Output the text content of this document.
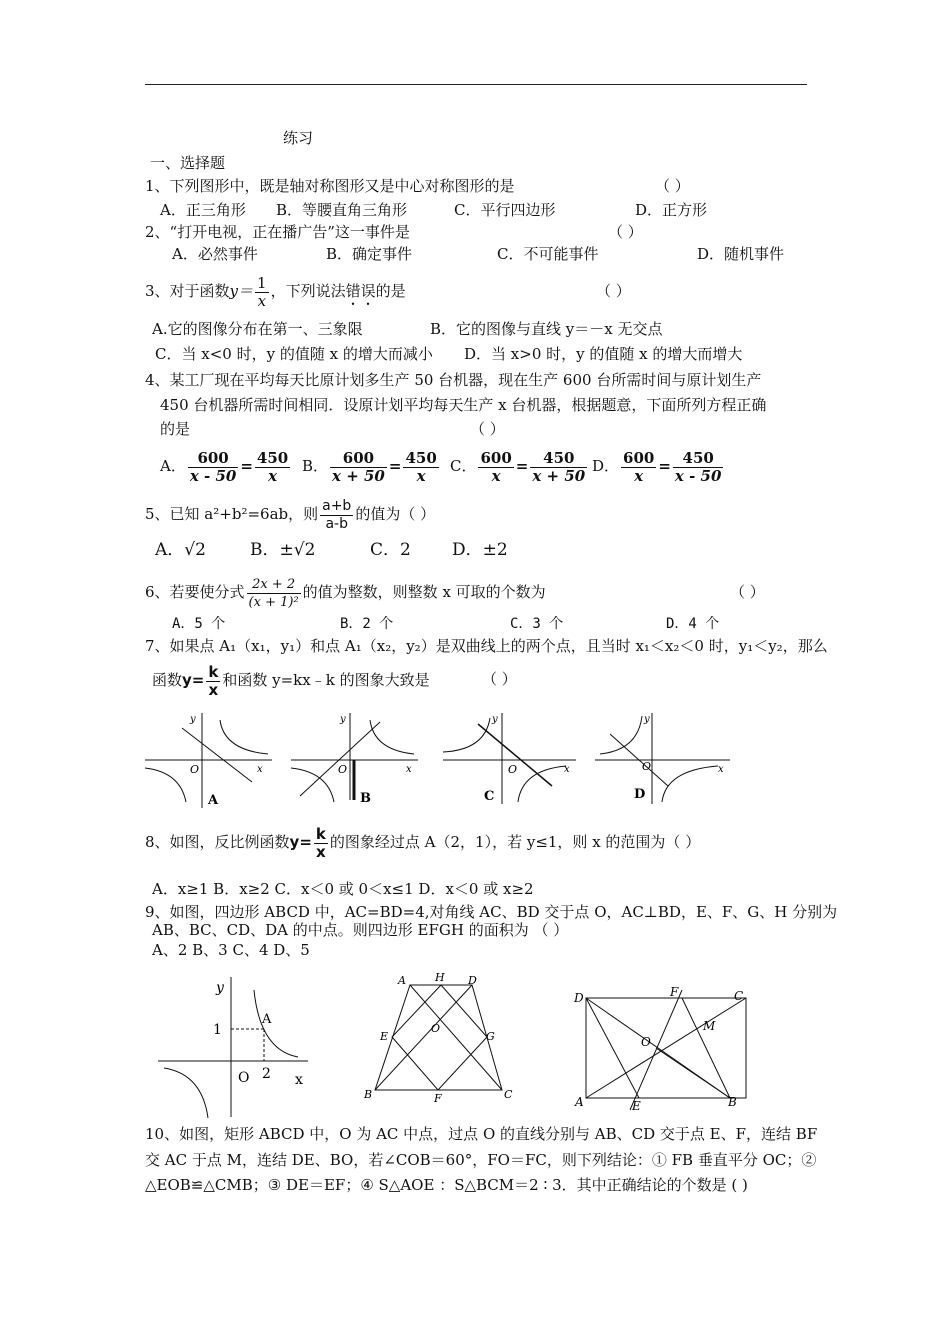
练习
一、选择题
1、下列图形中，既是轴对称图形又是中心对称图形的是	（ ）
A．正三角形 B．等腰直角三角形	C．平行四边形	D．正方形
2、“打开电视，正在播广告”这一事件是	（ ）
A．必然事件	B．确定事件	C．不可能事件	D．随机事件
3、对于函数$y= \frac{1}{x}$ ，下列说法错误的是	（ ）
A.它的图像分布在第一、三象限	B．它的图像与直线 y＝－x 无交点
C．当 x<0 时，y 的值随 x 的增大而减小 D．当 x>0 时，y 的值随 x 的增大而增大
4、某工厂现在平均每天比原计划多生产 50 台机器，现在生产 600 台所需时间与原计划生产
450 台机器所需时间相同．设原计划平均每天生产 x 台机器，根据题意，下面所列方程正确
的是	（ ）
A． $\frac{600}{x - 50} = \frac{450}{x}$ B． $\frac{600}{x + 50} = \frac{450}{x}$ C． $\frac{600}{x} = \frac{450}{x + 50}$ D． $\frac{600}{x} = \frac{450}{x - 50}$
5、已知 a²+b²=6ab，则 $\frac{a+b}{a-b}$ 的值为（ ）
A．√2	B．±√2	C．2 D．±2
6、若要使分式 $\frac{2x + 2}{\text{(x + 1)²}}$ 的值为整数，则整数 x 可取的个数为	（ ）
A．5 个	B．2 个	C．3 个	D．4 个
7、如果点 A₁（x₁，y₁）和点 A₁（x₂，y₂）是双曲线上的两个点，且当时 x₁＜x₂＜0 时，y₁＜y₂，那么
函数$y= \frac{k}{x}$ 和函数 y=kx﹣k 的图象大致是	（ ）
y
x
O
A
y
x
O
B
y
x
O
C
y
x
O
D
8、如图，反比例函数$y= \frac{k}{x}$ 的图象经过点 A（2，1），若 y≤1，则 x 的范围为（ ）
A．x≥1 B．x≥2 C．x＜0 或 0＜x≤1 D．x＜0 或 x≥2
9、如图，四边形 ABCD 中，AC=BD=4,对角线 AC、BD 交于点 O，AC⊥BD，E、F、G、H 分别为
AB、BC、CD、DA 的中点。则四边形 EFGH 的面积为 （ ）
A、2 B、3 C、4 D、5
y
x
O
A
1
2
A	H D
E
O
G
B	F	C
D	F	C
M
O
A	E	B
10、如图，矩形 ABCD 中，O 为 AC 中点，过点 O 的直线分别与 AB、CD 交于点 E、F，连结 BF
交 AC 于点 M，连结 DE、BO，若∠COB＝60°，FO＝FC，则下列结论：① FB 垂直平分 OC；②
△EOB≌△CMB；③ DE＝EF；④ S△AOE ：S△BCM＝2 ∶ 3．其中正确结论的个数是 ( )
